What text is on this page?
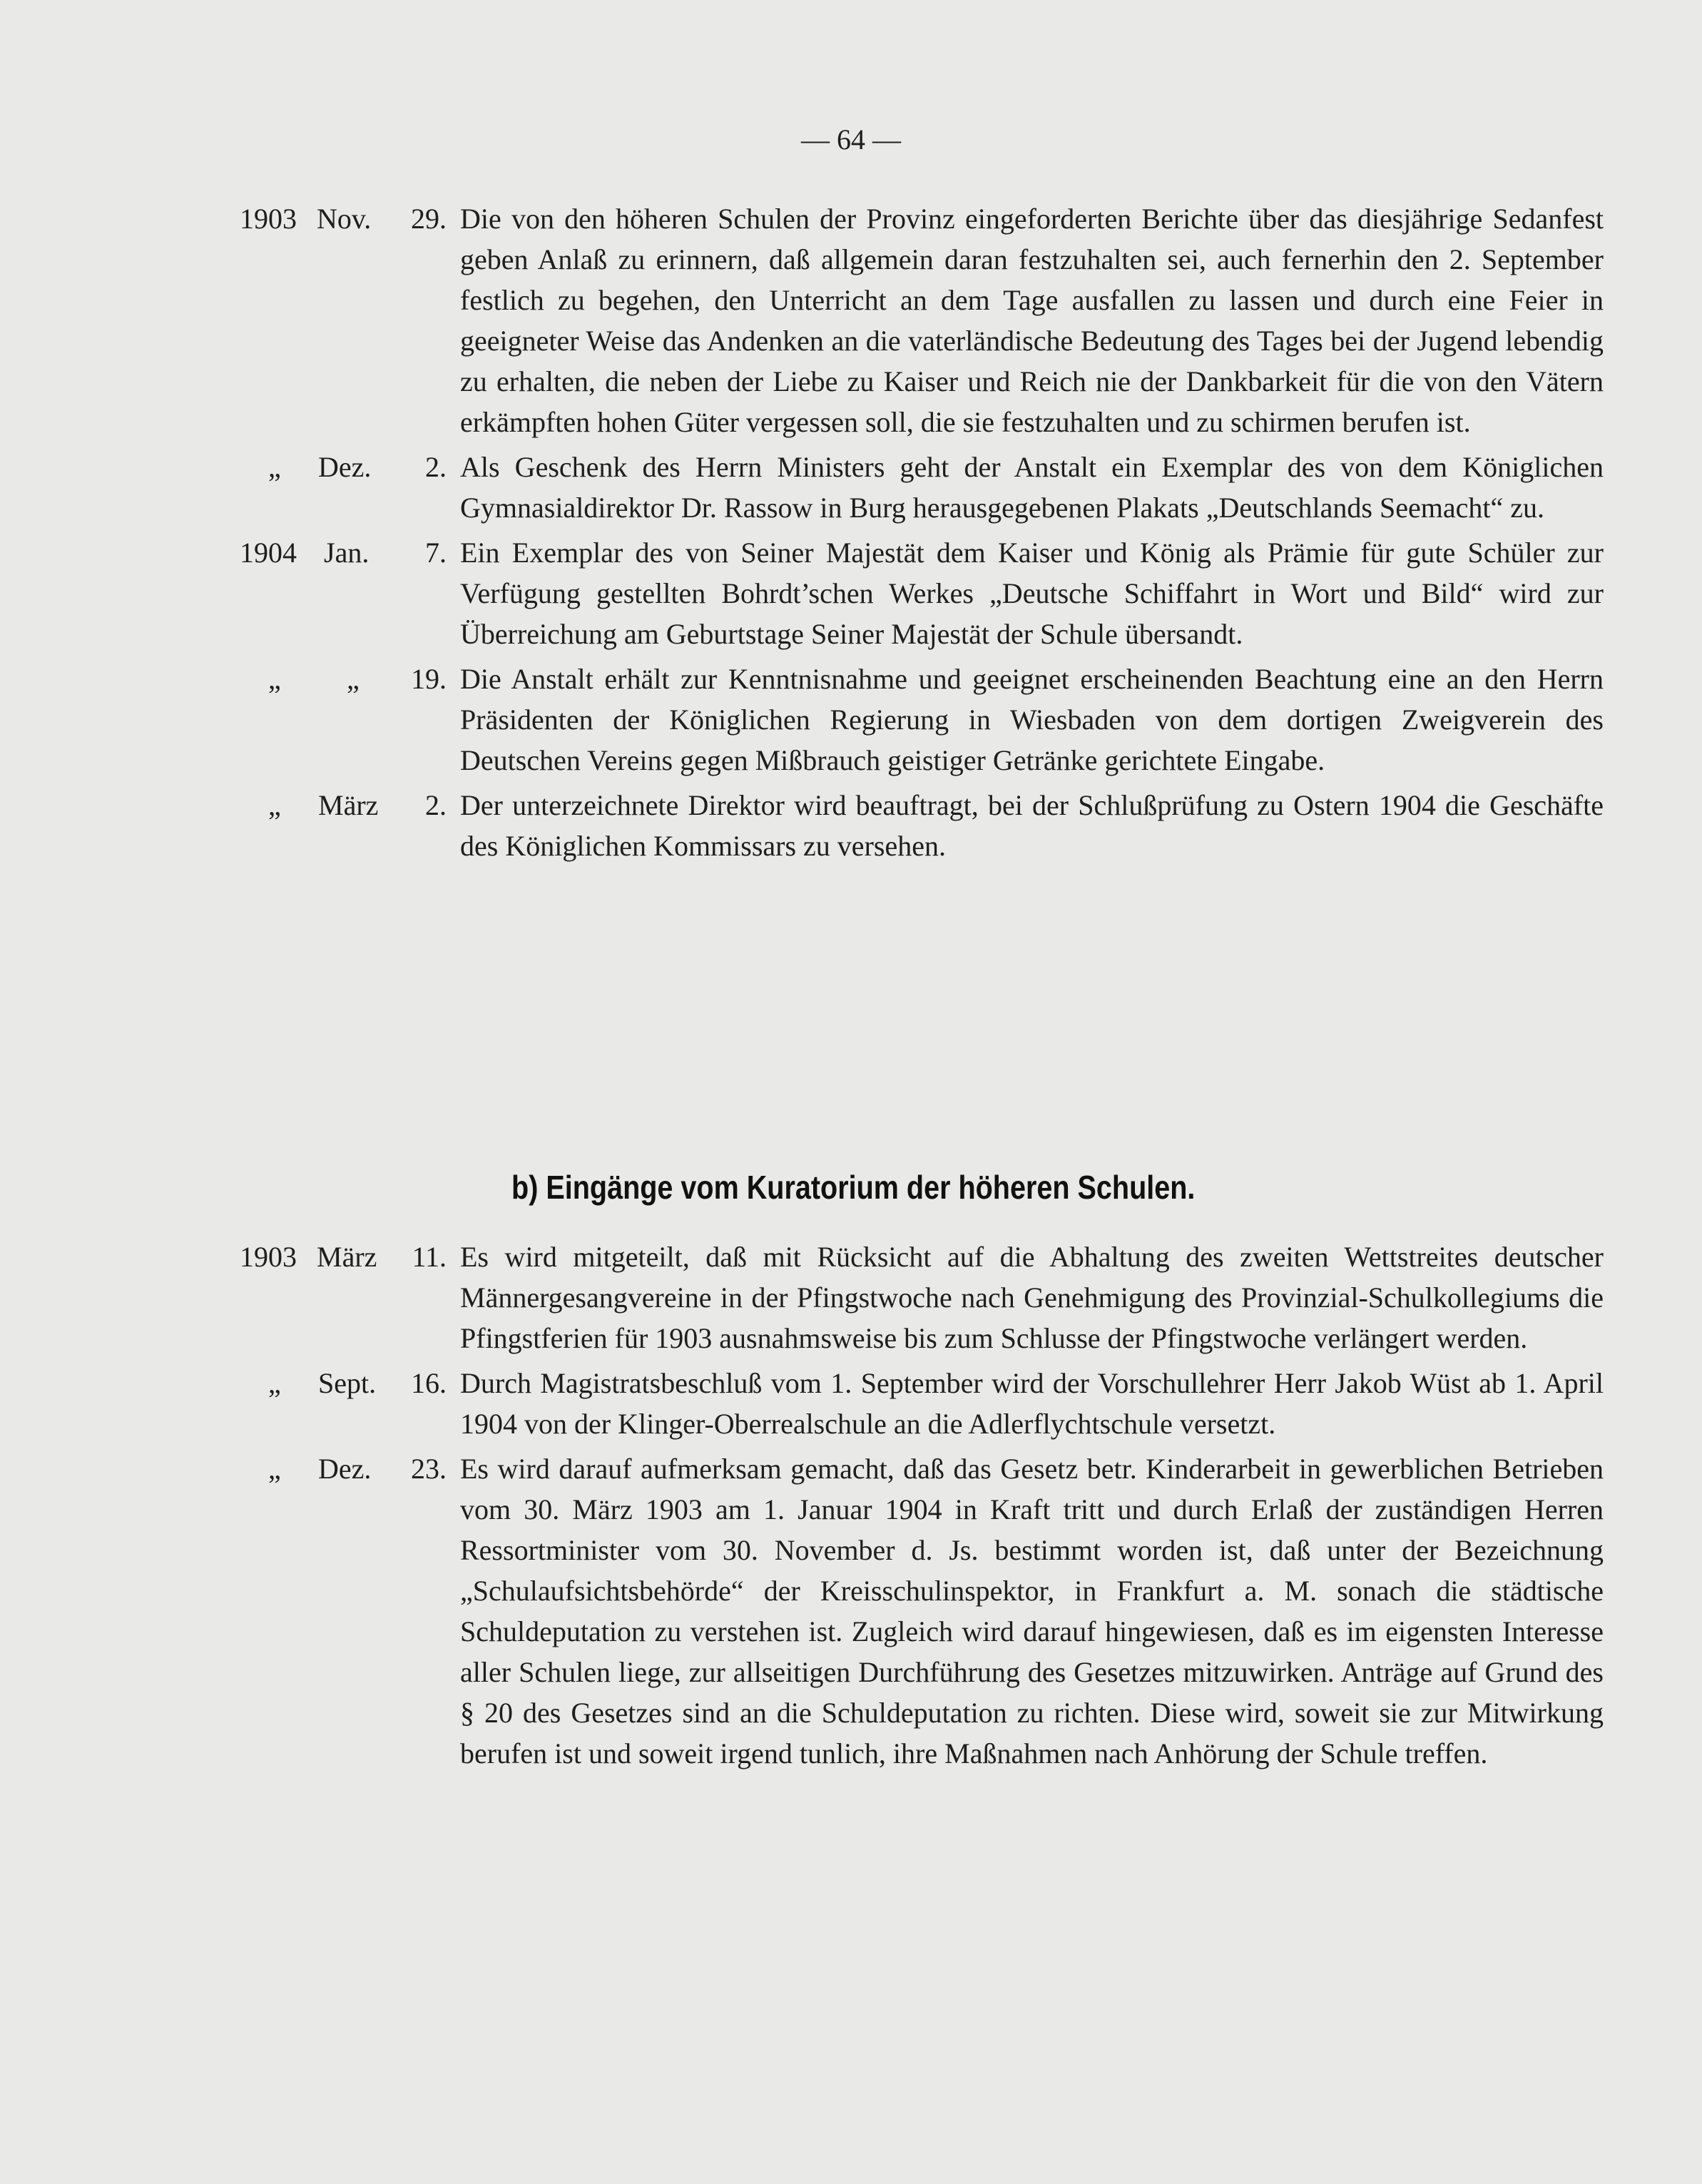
— 64 —
1903 Nov. 29. Die von den höheren Schulen der Provinz eingeforderten Berichte über das diesjährige Sedanfest geben Anlaß zu erinnern, daß allgemein daran festzuhalten sei, auch fernerhin den 2. September festlich zu begehen, den Unterricht an dem Tage ausfallen zu lassen und durch eine Feier in geeigneter Weise das Andenken an die vaterländische Bedeutung des Tages bei der Jugend lebendig zu erhalten, die neben der Liebe zu Kaiser und Reich nie der Dankbarkeit für die von den Vätern erkämpften hohen Güter vergessen soll, die sie festzuhalten und zu schirmen berufen ist.
„ Dez. 2. Als Geschenk des Herrn Ministers geht der Anstalt ein Exemplar des von dem Königlichen Gymnasialdirektor Dr. Rassow in Burg herausgegebenen Plakats „Deutschlands Seemacht“ zu.
1904 Jan. 7. Ein Exemplar des von Seiner Majestät dem Kaiser und König als Prämie für gute Schüler zur Verfügung gestellten Bohrdt’schen Werkes „Deutsche Schiffahrt in Wort und Bild“ wird zur Überreichung am Geburtstage Seiner Majestät der Schule übersandt.
„ „ 19. Die Anstalt erhält zur Kenntnisnahme und geeignet erscheinenden Beachtung eine an den Herrn Präsidenten der Königlichen Regierung in Wiesbaden von dem dortigen Zweigverein des Deutschen Vereins gegen Mißbrauch geistiger Getränke gerichtete Eingabe.
„ März 2. Der unterzeichnete Direktor wird beauftragt, bei der Schlußprüfung zu Ostern 1904 die Geschäfte des Königlichen Kommissars zu versehen.
b) Eingänge vom Kuratorium der höheren Schulen.
1903 März 11. Es wird mitgeteilt, daß mit Rücksicht auf die Abhaltung des zweiten Wettstreites deutscher Männergesangvereine in der Pfingstwoche nach Genehmigung des Provinzial-Schulkollegiums die Pfingstferien für 1903 ausnahmsweise bis zum Schlusse der Pfingstwoche verlängert werden.
„ Sept. 16. Durch Magistratsbeschluß vom 1. September wird der Vorschullehrer Herr Jakob Wüst ab 1. April 1904 von der Klinger-Oberrealschule an die Adlerflychtschule versetzt.
„ Dez. 23. Es wird darauf aufmerksam gemacht, daß das Gesetz betr. Kinderarbeit in gewerblichen Betrieben vom 30. März 1903 am 1. Januar 1904 in Kraft tritt und durch Erlaß der zuständigen Herren Ressortminister vom 30. November d. Js. bestimmt worden ist, daß unter der Bezeichnung „Schulaufsichtsbehörde“ der Kreisschulinspektor, in Frankfurt a. M. sonach die städtische Schuldeputation zu verstehen ist. Zugleich wird darauf hingewiesen, daß es im eigensten Interesse aller Schulen liege, zur allseitigen Durchführung des Gesetzes mitzuwirken. Anträge auf Grund des § 20 des Gesetzes sind an die Schuldeputation zu richten. Diese wird, soweit sie zur Mitwirkung berufen ist und soweit irgend tunlich, ihre Maßnahmen nach Anhörung der Schule treffen.
